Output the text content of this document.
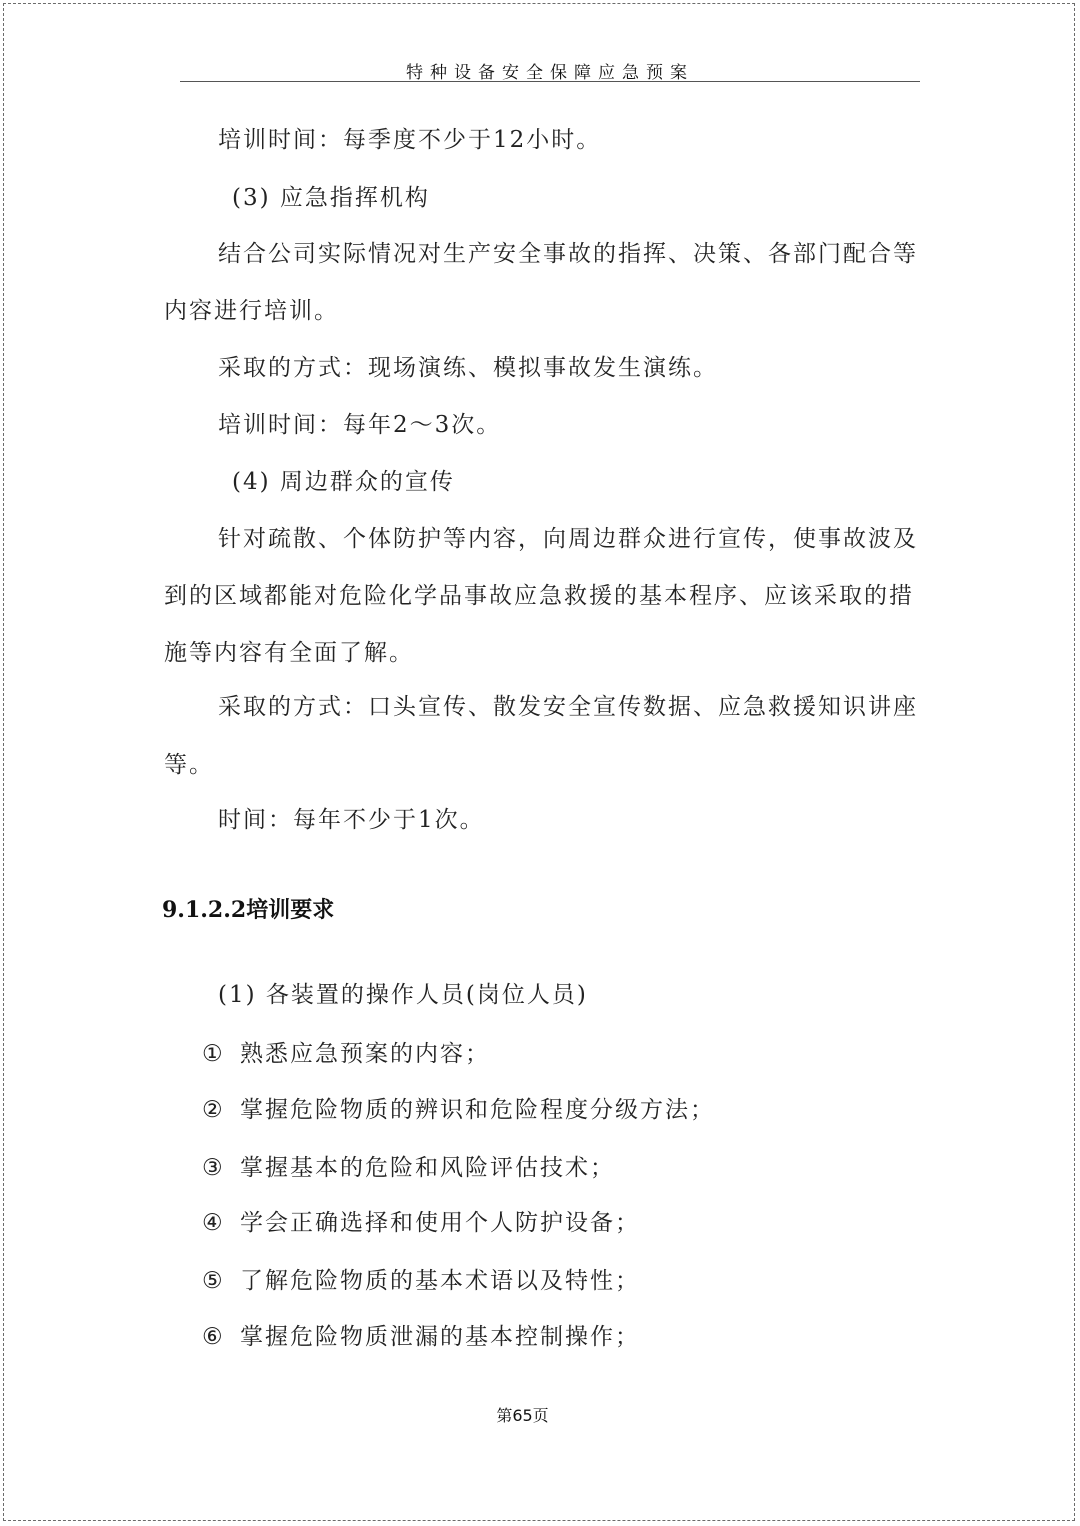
特种设备安全保障应急预案
培训时间：每季度不少于12小时。
(3) 应急指挥机构
结合公司实际情况对生产安全事故的指挥、决策、各部门配合等
内容进行培训。
采取的方式：现场演练、模拟事故发生演练。
培训时间：每年2～3次。
(4) 周边群众的宣传
针对疏散、个体防护等内容，向周边群众进行宣传，使事故波及
到的区域都能对危险化学品事故应急救援的基本程序、应该采取的措
施等内容有全面了解。
采取的方式：口头宣传、散发安全宣传数据、应急救援知识讲座
等。
时间：每年不少于1次。
9.1.2.2培训要求
(1) 各装置的操作人员(岗位人员)
① 熟悉应急预案的内容；
② 掌握危险物质的辨识和危险程度分级方法；
③ 掌握基本的危险和风险评估技术；
④ 学会正确选择和使用个人防护设备；
⑤ 了解危险物质的基本术语以及特性；
⑥ 掌握危险物质泄漏的基本控制操作；
第65页
